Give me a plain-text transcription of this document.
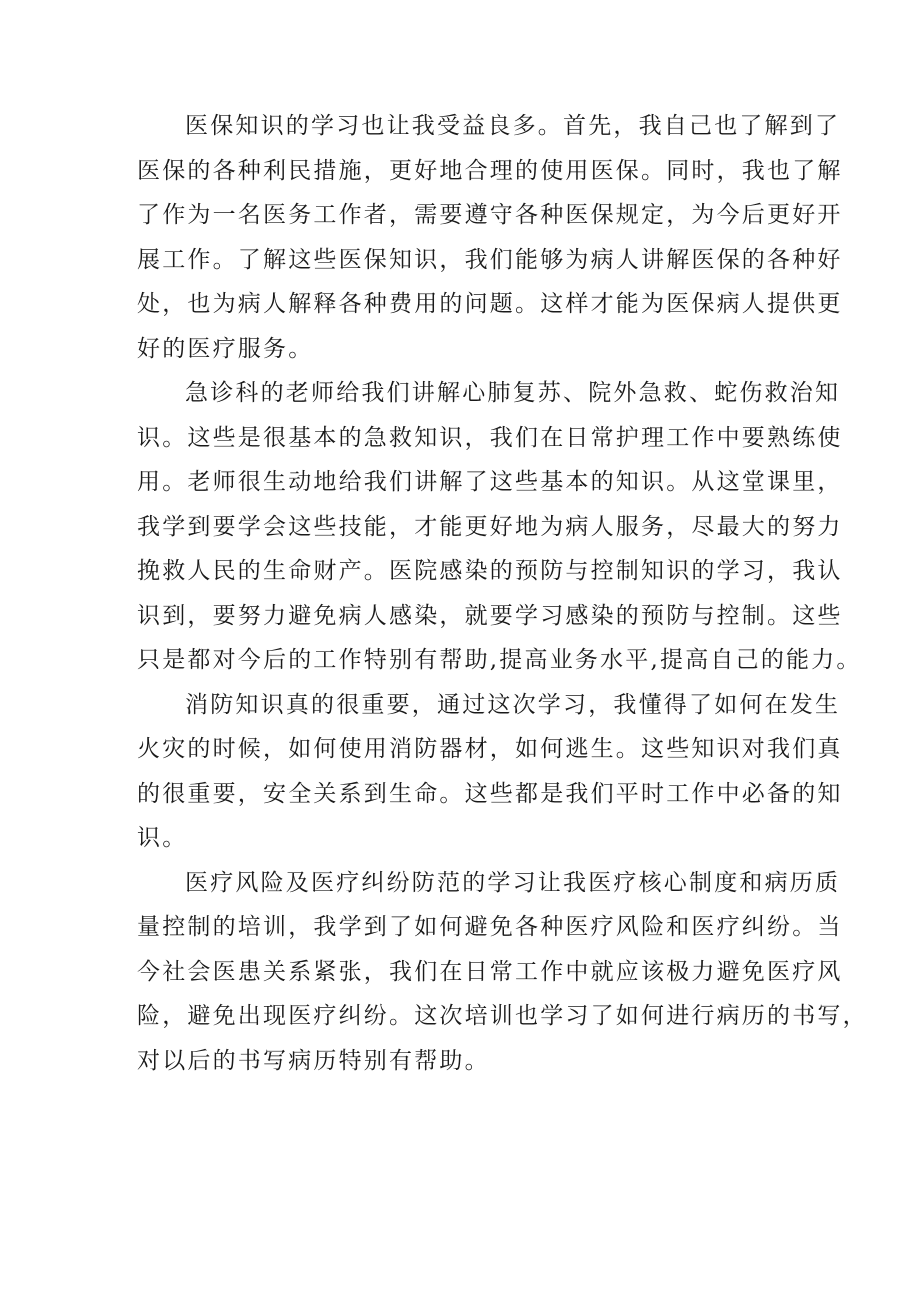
医保知识的学习也让我受益良多。首先，我自己也了解到了
医保的各种利民措施，更好地合理的使用医保。同时，我也了解
了作为一名医务工作者，需要遵守各种医保规定，为今后更好开
展工作。了解这些医保知识，我们能够为病人讲解医保的各种好
处，也为病人解释各种费用的问题。这样才能为医保病人提供更
好的医疗服务。
急诊科的老师给我们讲解心肺复苏、院外急救、蛇伤救治知
识。这些是很基本的急救知识，我们在日常护理工作中要熟练使
用。老师很生动地给我们讲解了这些基本的知识。从这堂课里，
我学到要学会这些技能，才能更好地为病人服务，尽最大的努力
挽救人民的生命财产。医院感染的预防与控制知识的学习，我认
识到，要努力避免病人感染，就要学习感染的预防与控制。这些
只是都对今后的工作特别有帮助,提高业务水平,提高自己的能力。
消防知识真的很重要，通过这次学习，我懂得了如何在发生
火灾的时候，如何使用消防器材，如何逃生。这些知识对我们真
的很重要，安全关系到生命。这些都是我们平时工作中必备的知
识。
医疗风险及医疗纠纷防范的学习让我医疗核心制度和病历质
量控制的培训，我学到了如何避免各种医疗风险和医疗纠纷。当
今社会医患关系紧张，我们在日常工作中就应该极力避免医疗风
险，避免出现医疗纠纷。这次培训也学习了如何进行病历的书写，
对以后的书写病历特别有帮助。
